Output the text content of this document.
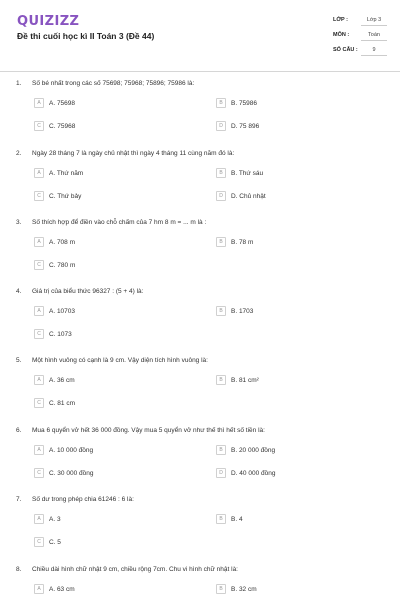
QUIZIZZ
Đề thi cuối học kì II Toán 3 (Đề 44)
LỚP :	Lớp 3
MÔN :	Toán
SỐ CÂU :	9
1. Số bé nhất trong các số 75698; 75968; 75896; 75986 là:
A	A. 75698	B	B. 75986
C	C. 75968	D	D. 75 896
2. Ngày 28 tháng 7 là ngày chủ nhật thì ngày 4 tháng 11 cùng năm đó là:
A	A. Thứ năm	B	B. Thứ sáu
C	C. Thứ bảy	D	D. Chủ nhật
3. Số thích hợp để điền vào chỗ chấm của 7 hm 8 m = ... m là :
A	A. 708 m	B	B. 78 m
C	C. 780 m
4. Giá trị của biểu thức 96327 : (5 + 4) là:
A	A. 10703	B	B. 1703
C	C. 1073
5. Một hình vuông có cạnh là 9 cm. Vậy diện tích hình vuông là:
A	A. 36 cm	B	B. 81 cm²
C	C. 81 cm
6. Mua 6 quyển vở hết 36 000 đồng. Vậy mua 5 quyển vở như thế thì hết số tiền là:
A	A. 10 000 đồng	B	B. 20 000 đồng
C	C. 30 000 đồng	D	D. 40 000 đồng
7. Số dư trong phép chia 61246 : 6 là:
A	A. 3	B	B. 4
C	C. 5
8. Chiều dài hình chữ nhật 9 cm, chiều rộng 7cm. Chu vi hình chữ nhật là:
A	A. 63 cm	B	B. 32 cm
